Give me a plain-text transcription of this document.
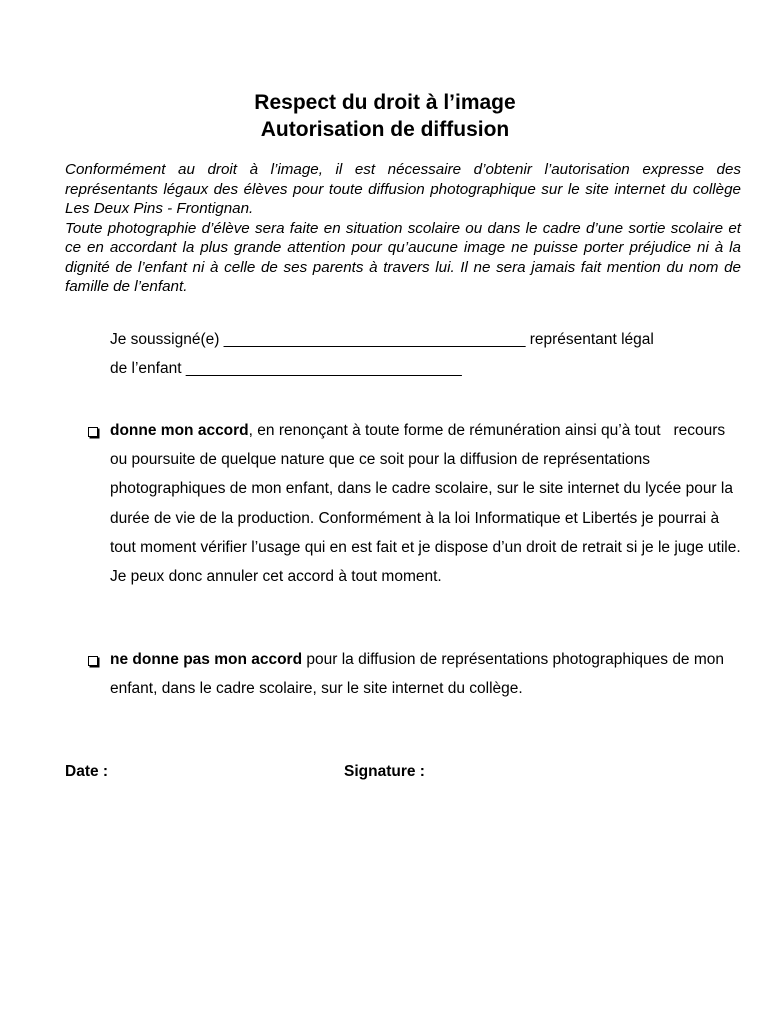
Respect du droit à l’image
Autorisation de diffusion

Conformément au droit à l’image, il est nécessaire d’obtenir l’autorisation expresse des représentants légaux des élèves pour toute diffusion photographique sur le site internet du collège Les Deux Pins - Frontignan.

Toute photographie d’élève sera faite en situation scolaire ou dans le cadre d’une sortie scolaire et ce en accordant la plus grande attention pour qu’aucune image ne puisse porter préjudice ni à la dignité de l’enfant ni à celle de ses parents à travers lui. Il ne sera jamais fait mention du nom de famille de l’enfant.

Je soussigné(e) ___________________________________ représentant légal
de l’enfant ________________________________
donne mon accord, en renonçant à toute forme de rémunération ainsi qu’à tout   recours ou poursuite de quelque nature que ce soit pour la diffusion de représentations photographiques de mon enfant, dans le cadre scolaire, sur le site internet du lycée pour la durée de vie de la production. Conformément à la loi Informatique et Libertés je pourrai à tout moment vérifier l’usage qui en est fait et je dispose d’un droit de retrait si je le juge utile. Je peux donc annuler cet accord à tout moment.
ne donne pas mon accord pour la diffusion de représentations photographiques de mon enfant, dans le cadre scolaire, sur le site internet du collège.
Date :	Signature :
